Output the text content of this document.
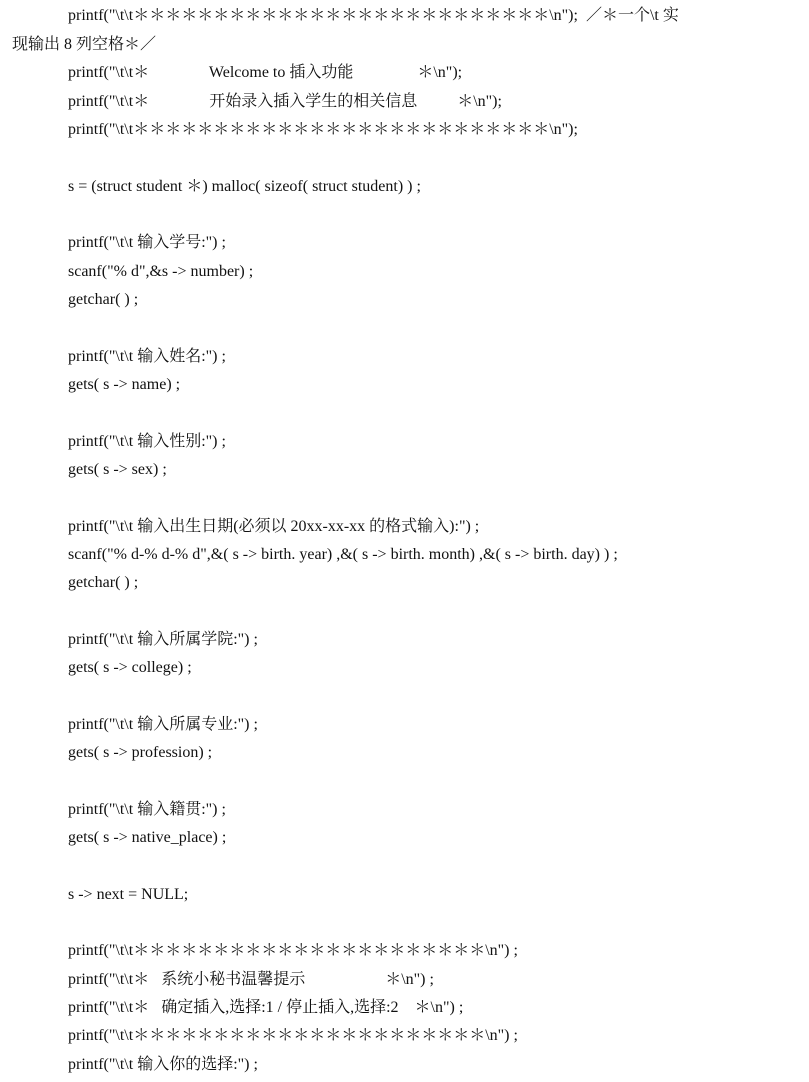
printf("\t\t＊＊＊＊＊＊＊＊＊＊＊＊＊＊＊＊＊＊＊＊＊＊＊＊＊＊\n");  ／＊一个\t 实
现输出 8 列空格＊／
printf("\t\t＊               Welcome to 插入功能                ＊\n");
printf("\t\t＊               开始录入插入学生的相关信息          ＊\n");
printf("\t\t＊＊＊＊＊＊＊＊＊＊＊＊＊＊＊＊＊＊＊＊＊＊＊＊＊＊\n");
s = (struct student ＊) malloc( sizeof( struct student) ) ;
printf("\t\t 输入学号:") ;
scanf("% d",&s -> number) ;
getchar( ) ;
printf("\t\t 输入姓名:") ;
gets( s -> name) ;
printf("\t\t 输入性别:") ;
gets( s -> sex) ;
printf("\t\t 输入出生日期(必须以 20xx-xx-xx 的格式输入):") ;
scanf("% d-% d-% d",&( s -> birth. year) ,&( s -> birth. month) ,&( s -> birth. day) ) ;
getchar( ) ;
printf("\t\t 输入所属学院:") ;
gets( s -> college) ;
printf("\t\t 输入所属专业:") ;
gets( s -> profession) ;
printf("\t\t 输入籍贯:") ;
gets( s -> native_place) ;
s -> next = NULL;
printf("\t\t＊＊＊＊＊＊＊＊＊＊＊＊＊＊＊＊＊＊＊＊＊＊\n") ;
printf("\t\t＊   系统小秘书温馨提示                    ＊\n") ;
printf("\t\t＊   确定插入,选择:1 / 停止插入,选择:2    ＊\n") ;
printf("\t\t＊＊＊＊＊＊＊＊＊＊＊＊＊＊＊＊＊＊＊＊＊＊\n") ;
printf("\t\t 输入你的选择:") ;
